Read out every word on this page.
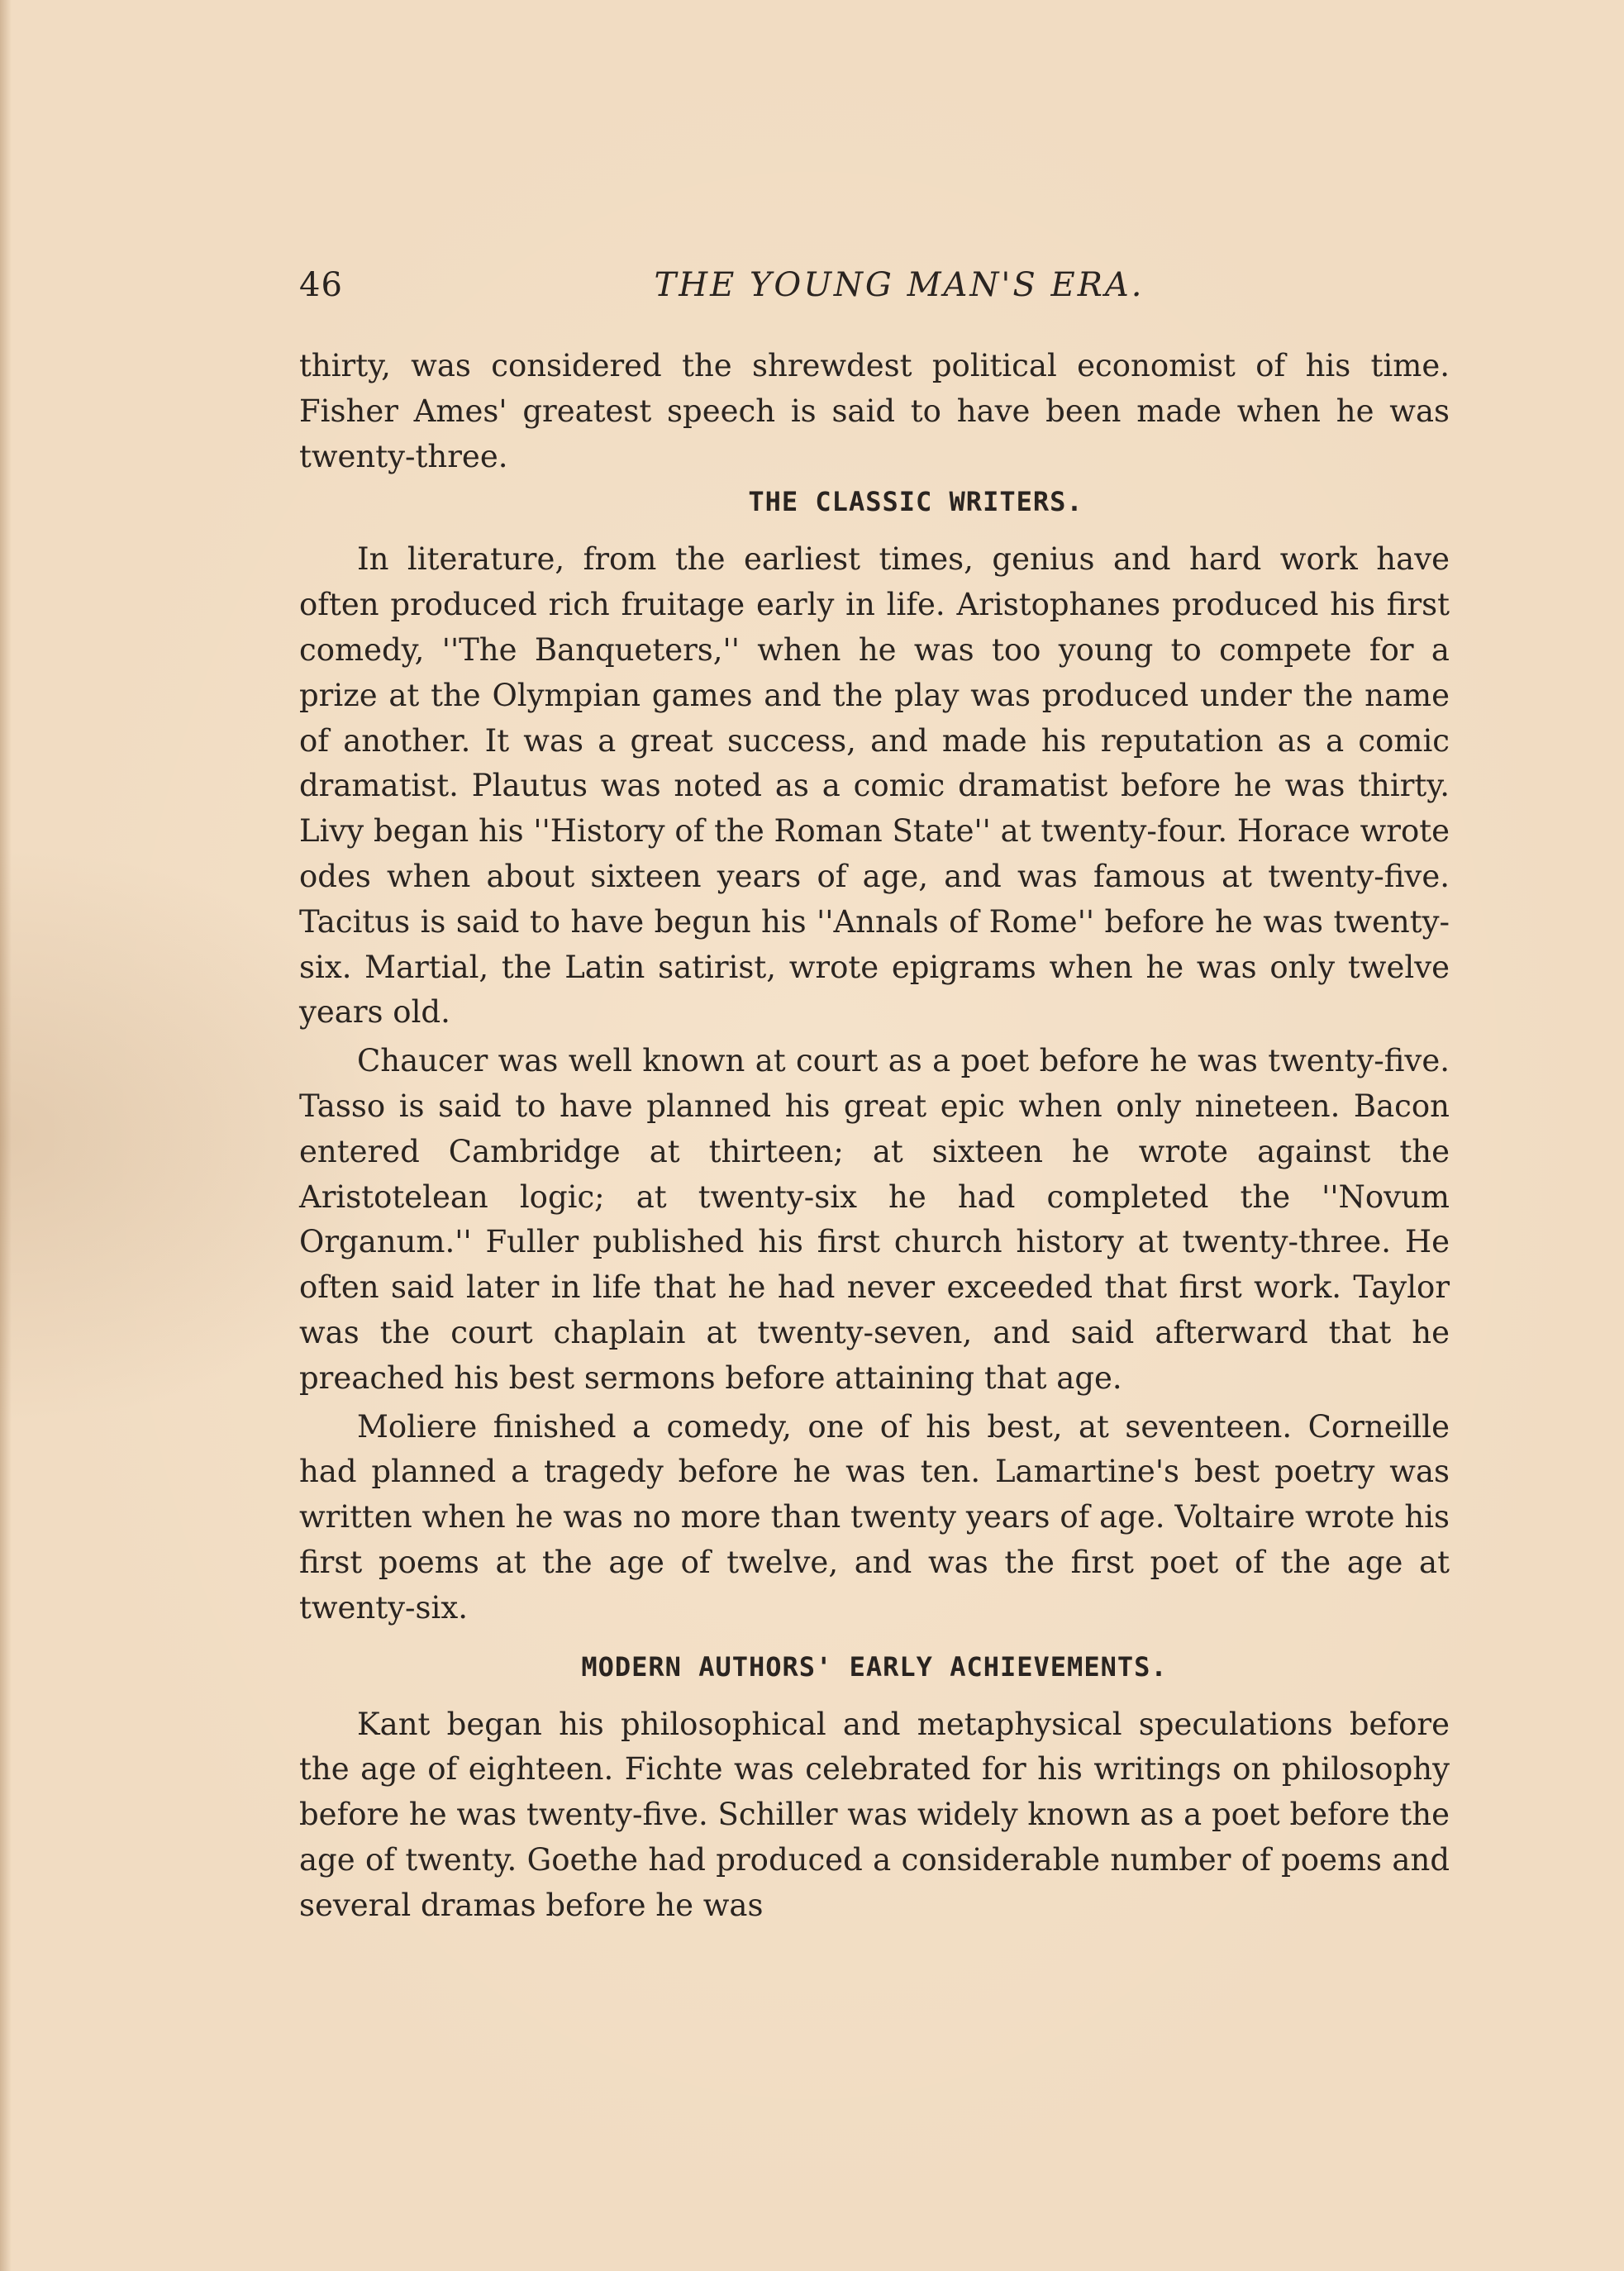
46	THE YOUNG MAN'S ERA.

thirty, was considered the shrewdest political economist of his time. Fisher Ames' greatest speech is said to have been made when he was twenty-three.

THE CLASSIC WRITERS.

In literature, from the earliest times, genius and hard work have often produced rich fruitage early in life. Aristophanes produced his first comedy, ''The Banqueters,'' when he was too young to compete for a prize at the Olympian games and the play was produced under the name of another. It was a great success, and made his reputation as a comic dramatist. Plautus was noted as a comic dramatist before he was thirty. Livy began his ''History of the Roman State'' at twenty-four. Horace wrote odes when about sixteen years of age, and was famous at twenty-five. Tacitus is said to have begun his ''Annals of Rome'' before he was twenty-six. Martial, the Latin satirist, wrote epigrams when he was only twelve years old.

Chaucer was well known at court as a poet before he was twenty-five. Tasso is said to have planned his great epic when only nineteen. Bacon entered Cambridge at thirteen; at sixteen he wrote against the Aristotelean logic; at twenty-six he had completed the ''Novum Organum.'' Fuller published his first church history at twenty-three. He often said later in life that he had never exceeded that first work. Taylor was the court chaplain at twenty-seven, and said afterward that he preached his best sermons before attaining that age.

Moliere finished a comedy, one of his best, at seventeen. Corneille had planned a tragedy before he was ten. Lamartine's best poetry was written when he was no more than twenty years of age. Voltaire wrote his first poems at the age of twelve, and was the first poet of the age at twenty-six.

MODERN AUTHORS' EARLY ACHIEVEMENTS.

Kant began his philosophical and metaphysical speculations before the age of eighteen. Fichte was celebrated for his writings on philosophy before he was twenty-five. Schiller was widely known as a poet before the age of twenty. Goethe had produced a considerable number of poems and several dramas before he was
